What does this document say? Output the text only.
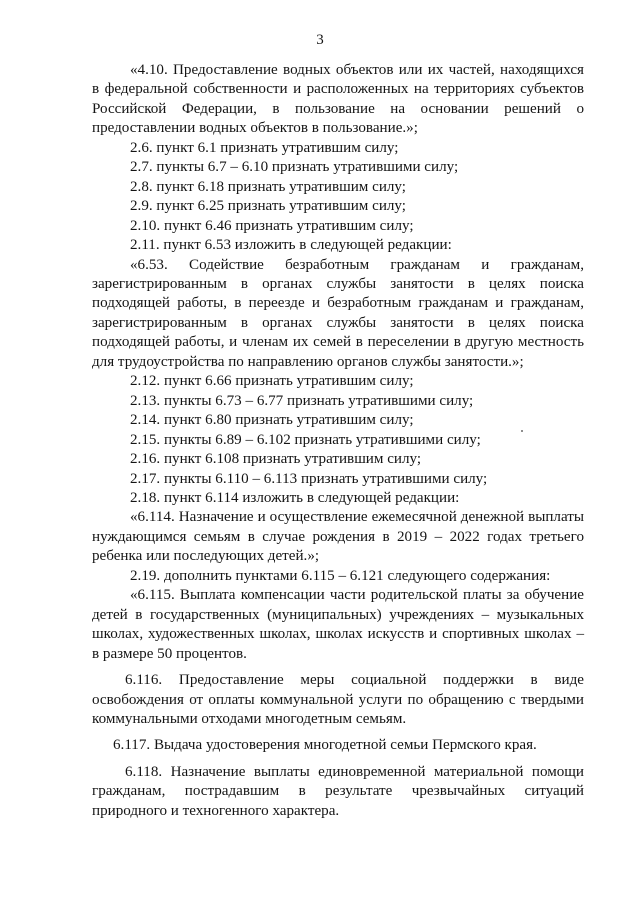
3

«4.10. Предоставление водных объектов или их частей, находящихся в федеральной собственности и расположенных на территориях субъектов Российской Федерации, в пользование на основании решений о предоставлении водных объектов в пользование.»;

2.6. пункт 6.1 признать утратившим силу;

2.7. пункты 6.7 – 6.10 признать утратившими силу;

2.8. пункт 6.18 признать утратившим силу;

2.9. пункт 6.25 признать утратившим силу;

2.10. пункт 6.46 признать утратившим силу;

2.11. пункт 6.53 изложить в следующей редакции:

«6.53. Содействие безработным гражданам и гражданам, зарегистрированным в органах службы занятости в целях поиска подходящей работы, в переезде и безработным гражданам и гражданам, зарегистрированным в органах службы занятости в целях поиска подходящей работы, и членам их семей в переселении в другую местность для трудоустройства по направлению органов службы занятости.»;

2.12. пункт 6.66 признать утратившим силу;

2.13. пункты 6.73 – 6.77 признать утратившими силу;

2.14. пункт 6.80 признать утратившим силу;

2.15. пункты 6.89 – 6.102 признать утратившими силу;

2.16. пункт 6.108 признать утратившим силу;

2.17. пункты 6.110 – 6.113 признать утратившими силу;

2.18. пункт 6.114 изложить в следующей редакции:

«6.114. Назначение и осуществление ежемесячной денежной выплаты нуждающимся семьям в случае рождения в 2019 – 2022 годах третьего ребенка или последующих детей.»;

2.19. дополнить пунктами 6.115 – 6.121 следующего содержания:

«6.115. Выплата компенсации части родительской платы за обучение детей в государственных (муниципальных) учреждениях – музыкальных школах, художественных школах, школах искусств и спортивных школах – в размере 50 процентов.

6.116. Предоставление меры социальной поддержки в виде освобождения от оплаты коммунальной услуги по обращению с твердыми коммунальными отходами многодетным семьям.

6.117. Выдача удостоверения многодетной семьи Пермского края.

6.118. Назначение выплаты единовременной материальной помощи гражданам, пострадавшим в результате чрезвычайных ситуаций природного и техногенного характера.
